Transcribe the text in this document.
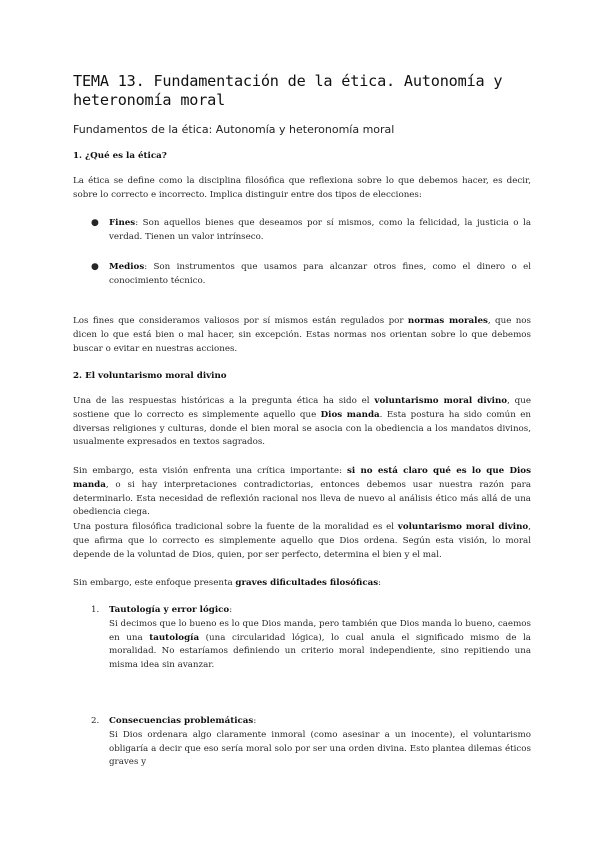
TEMA 13. Fundamentación de la ética. Autonomía y heteronomía moral
Fundamentos de la ética: Autonomía y heteronomía moral
1. ¿Qué es la ética?
La ética se define como la disciplina filosófica que reflexiona sobre lo que debemos hacer, es decir, sobre lo correcto e incorrecto. Implica distinguir entre dos tipos de elecciones:
●	Fines: Son aquellos bienes que deseamos por sí mismos, como la felicidad, la justicia o la verdad. Tienen un valor intrínseco.
●	Medios: Son instrumentos que usamos para alcanzar otros fines, como el dinero o el conocimiento técnico.
Los fines que consideramos valiosos por sí mismos están regulados por normas morales, que nos dicen lo que está bien o mal hacer, sin excepción. Estas normas nos orientan sobre lo que debemos buscar o evitar en nuestras acciones.
2. El voluntarismo moral divino
Una de las respuestas históricas a la pregunta ética ha sido el voluntarismo moral divino, que sostiene que lo correcto es simplemente aquello que Dios manda. Esta postura ha sido común en diversas religiones y culturas, donde el bien moral se asocia con la obediencia a los mandatos divinos, usualmente expresados en textos sagrados.
Sin embargo, esta visión enfrenta una crítica importante: si no está claro qué es lo que Dios manda, o si hay interpretaciones contradictorias, entonces debemos usar nuestra razón para determinarlo. Esta necesidad de reflexión racional nos lleva de nuevo al análisis ético más allá de una obediencia ciega.
Una postura filosófica tradicional sobre la fuente de la moralidad es el voluntarismo moral divino, que afirma que lo correcto es simplemente aquello que Dios ordena. Según esta visión, lo moral depende de la voluntad de Dios, quien, por ser perfecto, determina el bien y el mal.
Sin embargo, este enfoque presenta graves dificultades filosóficas:
1.	Tautología y error lógico:
Si decimos que lo bueno es lo que Dios manda, pero también que Dios manda lo bueno, caemos en una tautología (una circularidad lógica), lo cual anula el significado mismo de la moralidad. No estaríamos definiendo un criterio moral independiente, sino repitiendo una misma idea sin avanzar.
2.	Consecuencias problemáticas:
Si Dios ordenara algo claramente inmoral (como asesinar a un inocente), el voluntarismo obligaría a decir que eso sería moral solo por ser una orden divina. Esto plantea dilemas éticos graves y
